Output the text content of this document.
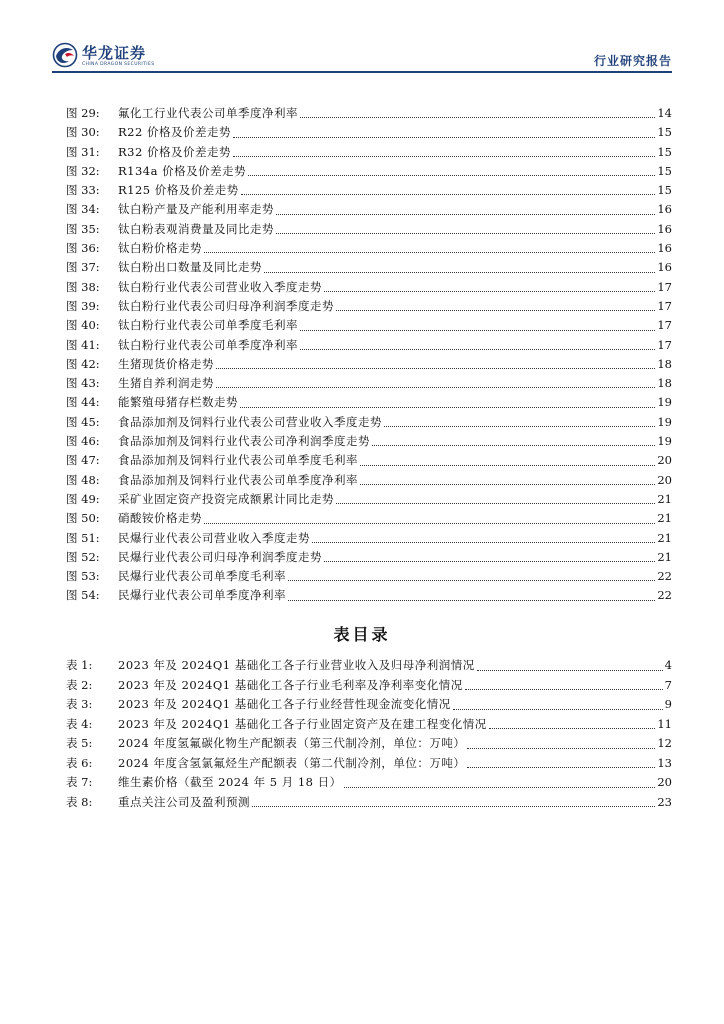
华龙证券
CHINA DRAGON SECURITIES	行业研究报告
图 29:	氟化工行业代表公司单季度净利率	14
图 30:	R22 价格及价差走势	15
图 31:	R32 价格及价差走势	15
图 32:	R134a 价格及价差走势	15
图 33:	R125 价格及价差走势	15
图 34:	钛白粉产量及产能利用率走势	16
图 35:	钛白粉表观消费量及同比走势	16
图 36:	钛白粉价格走势	16
图 37:	钛白粉出口数量及同比走势	16
图 38:	钛白粉行业代表公司营业收入季度走势	17
图 39:	钛白粉行业代表公司归母净利润季度走势	17
图 40:	钛白粉行业代表公司单季度毛利率	17
图 41:	钛白粉行业代表公司单季度净利率	17
图 42:	生猪现货价格走势	18
图 43:	生猪自养利润走势	18
图 44:	能繁殖母猪存栏数走势	19
图 45:	食品添加剂及饲料行业代表公司营业收入季度走势	19
图 46:	食品添加剂及饲料行业代表公司净利润季度走势	19
图 47:	食品添加剂及饲料行业代表公司单季度毛利率	20
图 48:	食品添加剂及饲料行业代表公司单季度净利率	20
图 49:	采矿业固定资产投资完成额累计同比走势	21
图 50:	硝酸铵价格走势	21
图 51:	民爆行业代表公司营业收入季度走势	21
图 52:	民爆行业代表公司归母净利润季度走势	21
图 53:	民爆行业代表公司单季度毛利率	22
图 54:	民爆行业代表公司单季度净利率	22
表目录
表 1:	2023 年及 2024Q1 基础化工各子行业营业收入及归母净利润情况	4
表 2:	2023 年及 2024Q1 基础化工各子行业毛利率及净利率变化情况	7
表 3:	2023 年及 2024Q1 基础化工各子行业经营性现金流变化情况	9
表 4:	2023 年及 2024Q1 基础化工各子行业固定资产及在建工程变化情况	11
表 5:	2024 年度氢氟碳化物生产配额表（第三代制冷剂，单位：万吨）	12
表 6:	2024 年度含氢氯氟烃生产配额表（第二代制冷剂，单位：万吨）	13
表 7:	维生素价格（截至 2024 年 5 月 18 日）	20
表 8:	重点关注公司及盈利预测	23
